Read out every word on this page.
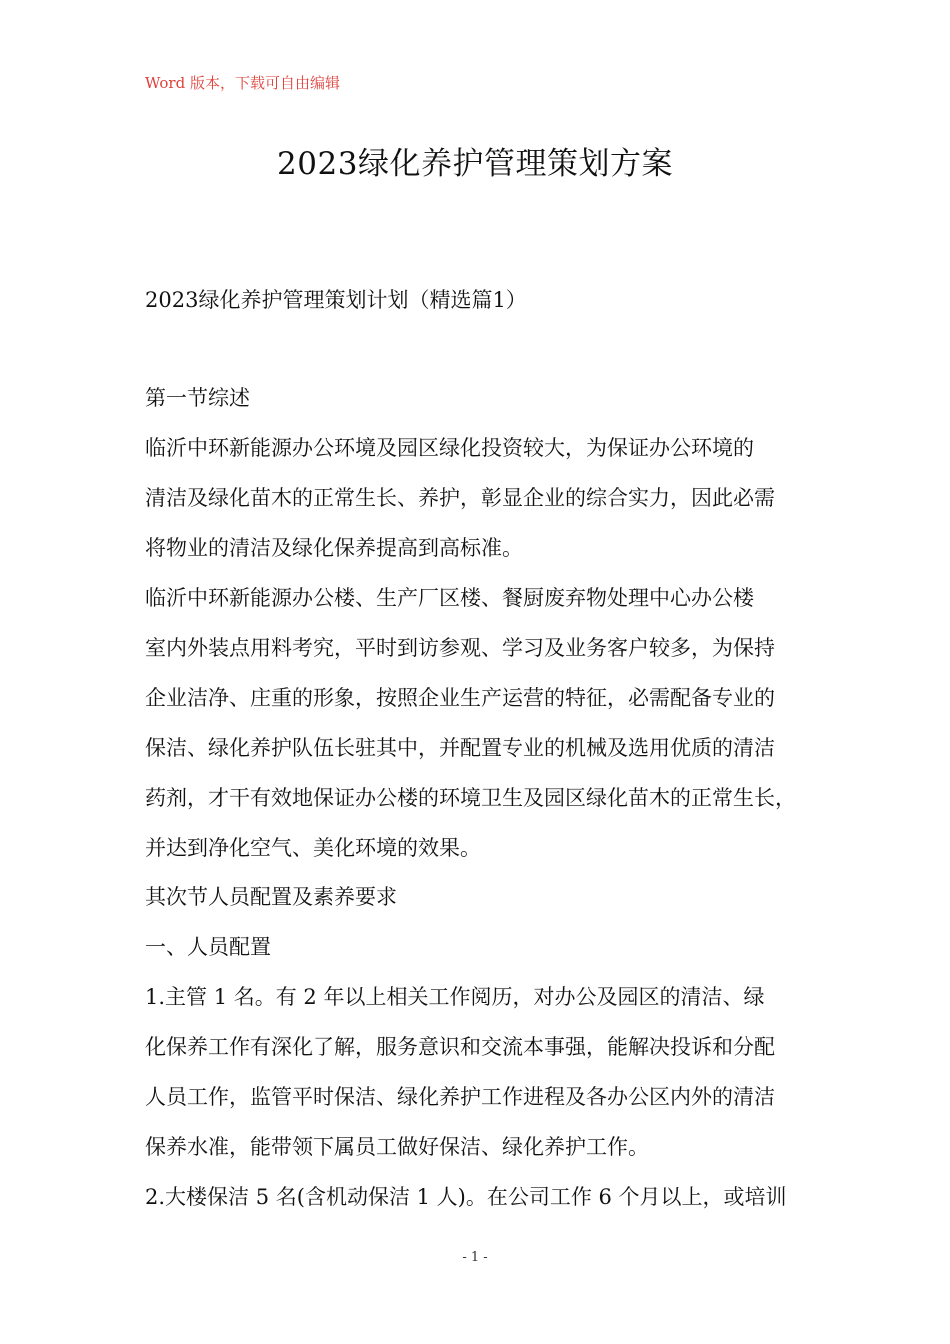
Word 版本，下载可自由编辑
2023绿化养护管理策划方案
2023绿化养护管理策划计划（精选篇1）
第一节综述
临沂中环新能源办公环境及园区绿化投资较大，为保证办公环境的
清洁及绿化苗木的正常生长、养护，彰显企业的综合实力，因此必需
将物业的清洁及绿化保养提高到高标准。
临沂中环新能源办公楼、生产厂区楼、餐厨废弃物处理中心办公楼
室内外装点用料考究，平时到访参观、学习及业务客户较多，为保持
企业洁净、庄重的形象，按照企业生产运营的特征，必需配备专业的
保洁、绿化养护队伍长驻其中，并配置专业的机械及选用优质的清洁
药剂，才干有效地保证办公楼的环境卫生及园区绿化苗木的正常生长，
并达到净化空气、美化环境的效果。
其次节人员配置及素养要求
一、人员配置
1.主管 1 名。有 2 年以上相关工作阅历，对办公及园区的清洁、绿
化保养工作有深化了解，服务意识和交流本事强，能解决投诉和分配
人员工作，监管平时保洁、绿化养护工作进程及各办公区内外的清洁
保养水准，能带领下属员工做好保洁、绿化养护工作。
2.大楼保洁 5 名(含机动保洁 1 人)。在公司工作 6 个月以上，或培训
- 1 -
